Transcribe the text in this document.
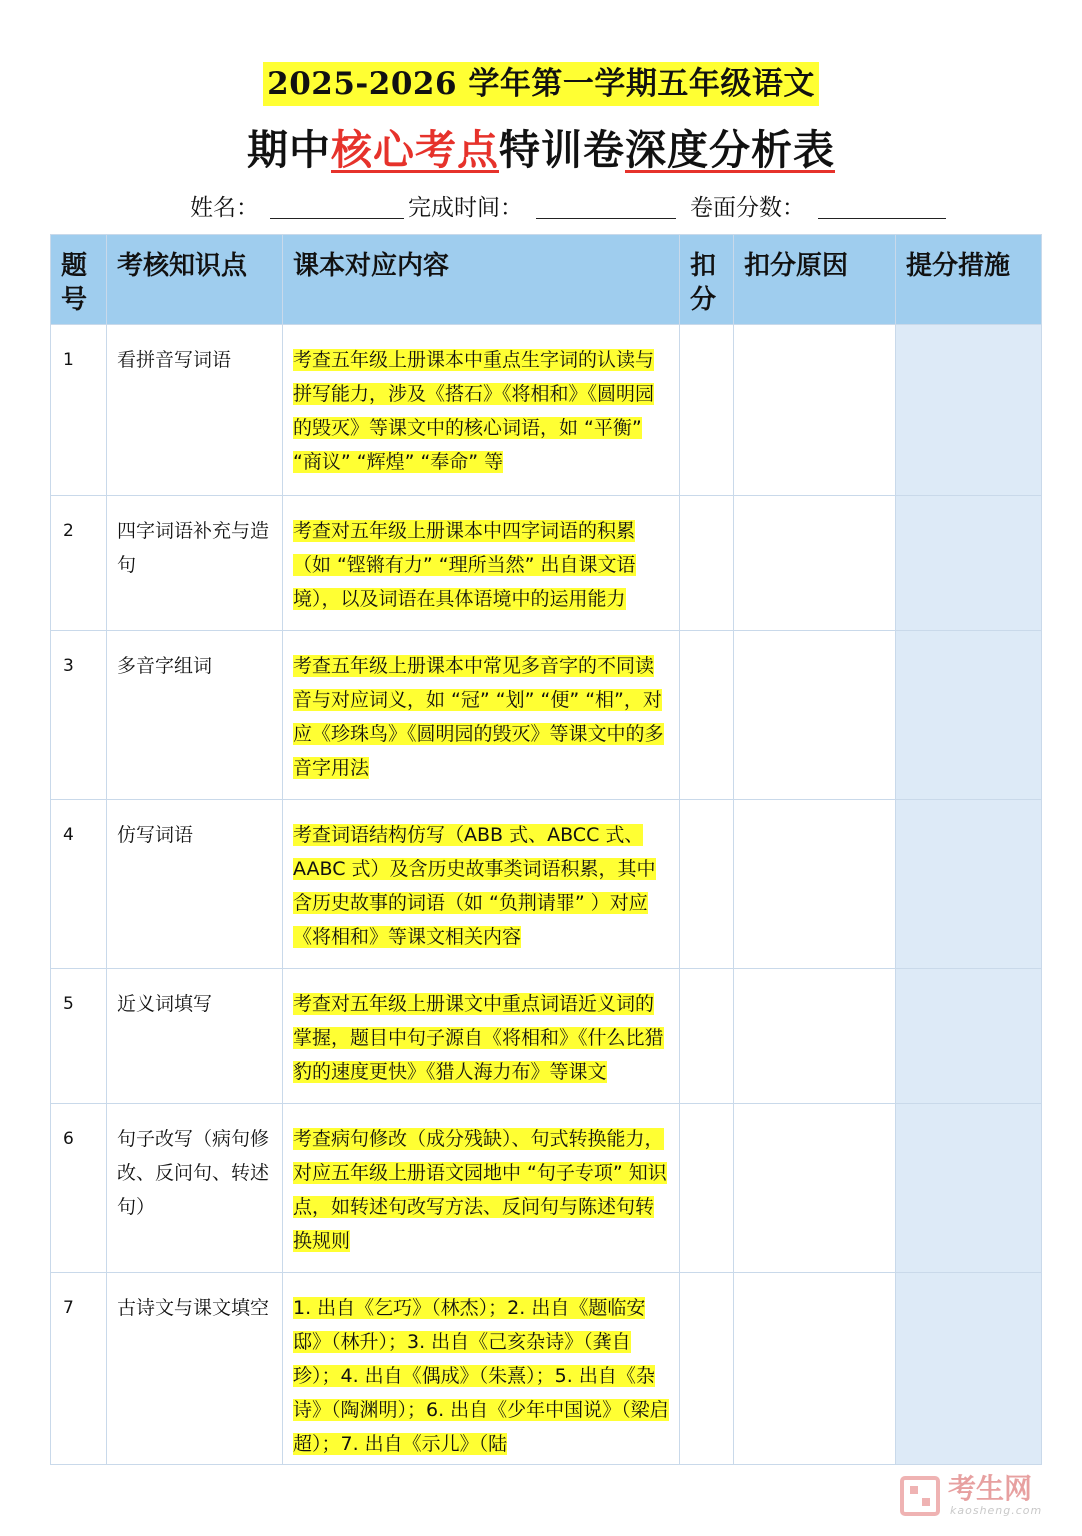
2025-2026 学年第一学期五年级语文
期中核心考点特训卷深度分析表
姓名：	完成时间：	卷面分数：
题号	考核知识点	课本对应内容	扣分	扣分原因	提分措施
1	看拼音写词语	考查五年级上册课本中重点生字词的认读与拼写能力，涉及《搭石》《将相和》《圆明园的毁灭》等课文中的核心词语，如 “平衡” “商议” “辉煌” “奉命” 等			
2	四字词语补充与造句	考查对五年级上册课本中四字词语的积累（如 “铿锵有力” “理所当然” 出自课文语境），以及词语在具体语境中的运用能力			
3	多音字组词	考查五年级上册课本中常见多音字的不同读音与对应词义，如 “冠” “划” “便” “相”，对应《珍珠鸟》《圆明园的毁灭》等课文中的多音字用法			
4	仿写词语	考查词语结构仿写（ABB 式、ABCC 式、AABC 式）及含历史故事类词语积累，其中含历史故事的词语（如 “负荆请罪” ）对应《将相和》等课文相关内容			
5	近义词填写	考查对五年级上册课文中重点词语近义词的掌握，题目中句子源自《将相和》《什么比猎豹的速度更快》《猎人海力布》等课文			
6	句子改写（病句修改、反问句、转述句）	考查病句修改（成分残缺）、句式转换能力，对应五年级上册语文园地中 “句子专项” 知识点，如转述句改写方法、反问句与陈述句转换规则			
7	古诗文与课文填空	1. 出自《乞巧》（林杰）；2. 出自《题临安邸》（林升）；3. 出自《己亥杂诗》（龚自珍）；4. 出自《偶成》（朱熹）；5. 出自《杂诗》（陶渊明）；6. 出自《少年中国说》（梁启超）；7. 出自《示儿》（陆			
考生网
kaosheng.com
